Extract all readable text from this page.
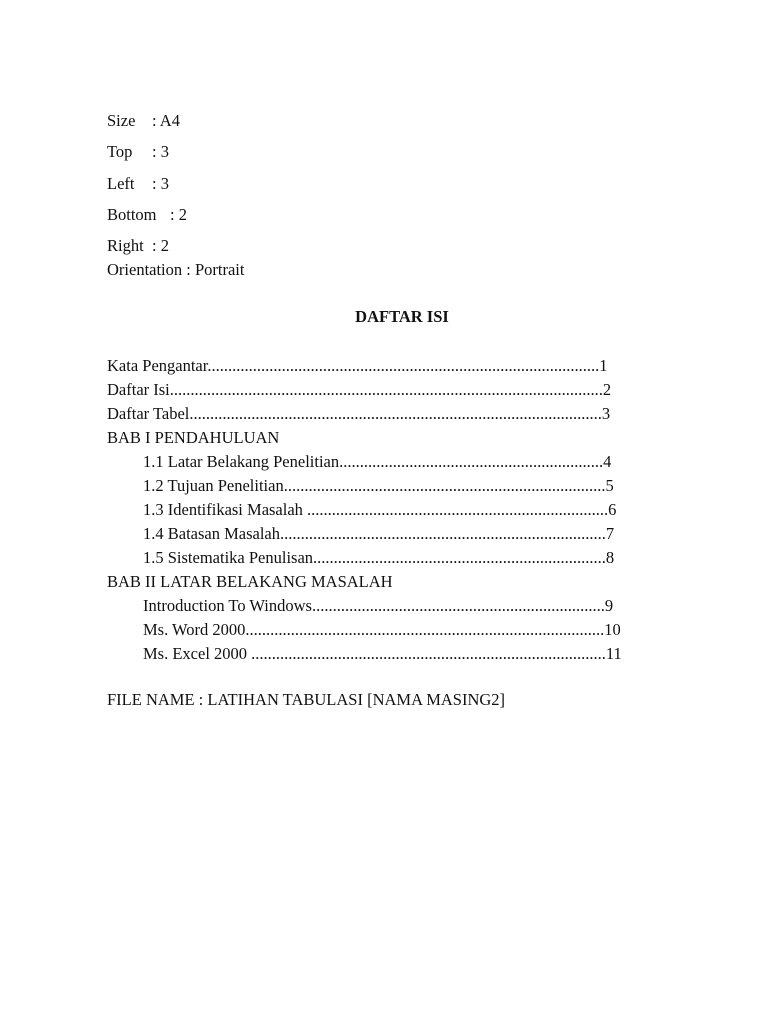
Size : A4
Top : 3
Left : 3
Bottom : 2
Right : 2
Orientation : Portrait
DAFTAR ISI
Kata Pengantar...............................................................................................1
Daftar Isi.........................................................................................................2
Daftar Tabel....................................................................................................3
BAB I PENDAHULUAN
1.1 Latar Belakang Penelitian................................................................4
1.2 Tujuan Penelitian..............................................................................5
1.3 Identifikasi Masalah .........................................................................6
1.4 Batasan Masalah...............................................................................7
1.5 Sistematika Penulisan.......................................................................8
BAB II LATAR BELAKANG MASALAH
Introduction To Windows.......................................................................9
Ms. Word 2000.......................................................................................10
Ms. Excel 2000 ......................................................................................11
FILE NAME : LATIHAN TABULASI [NAMA MASING2]
